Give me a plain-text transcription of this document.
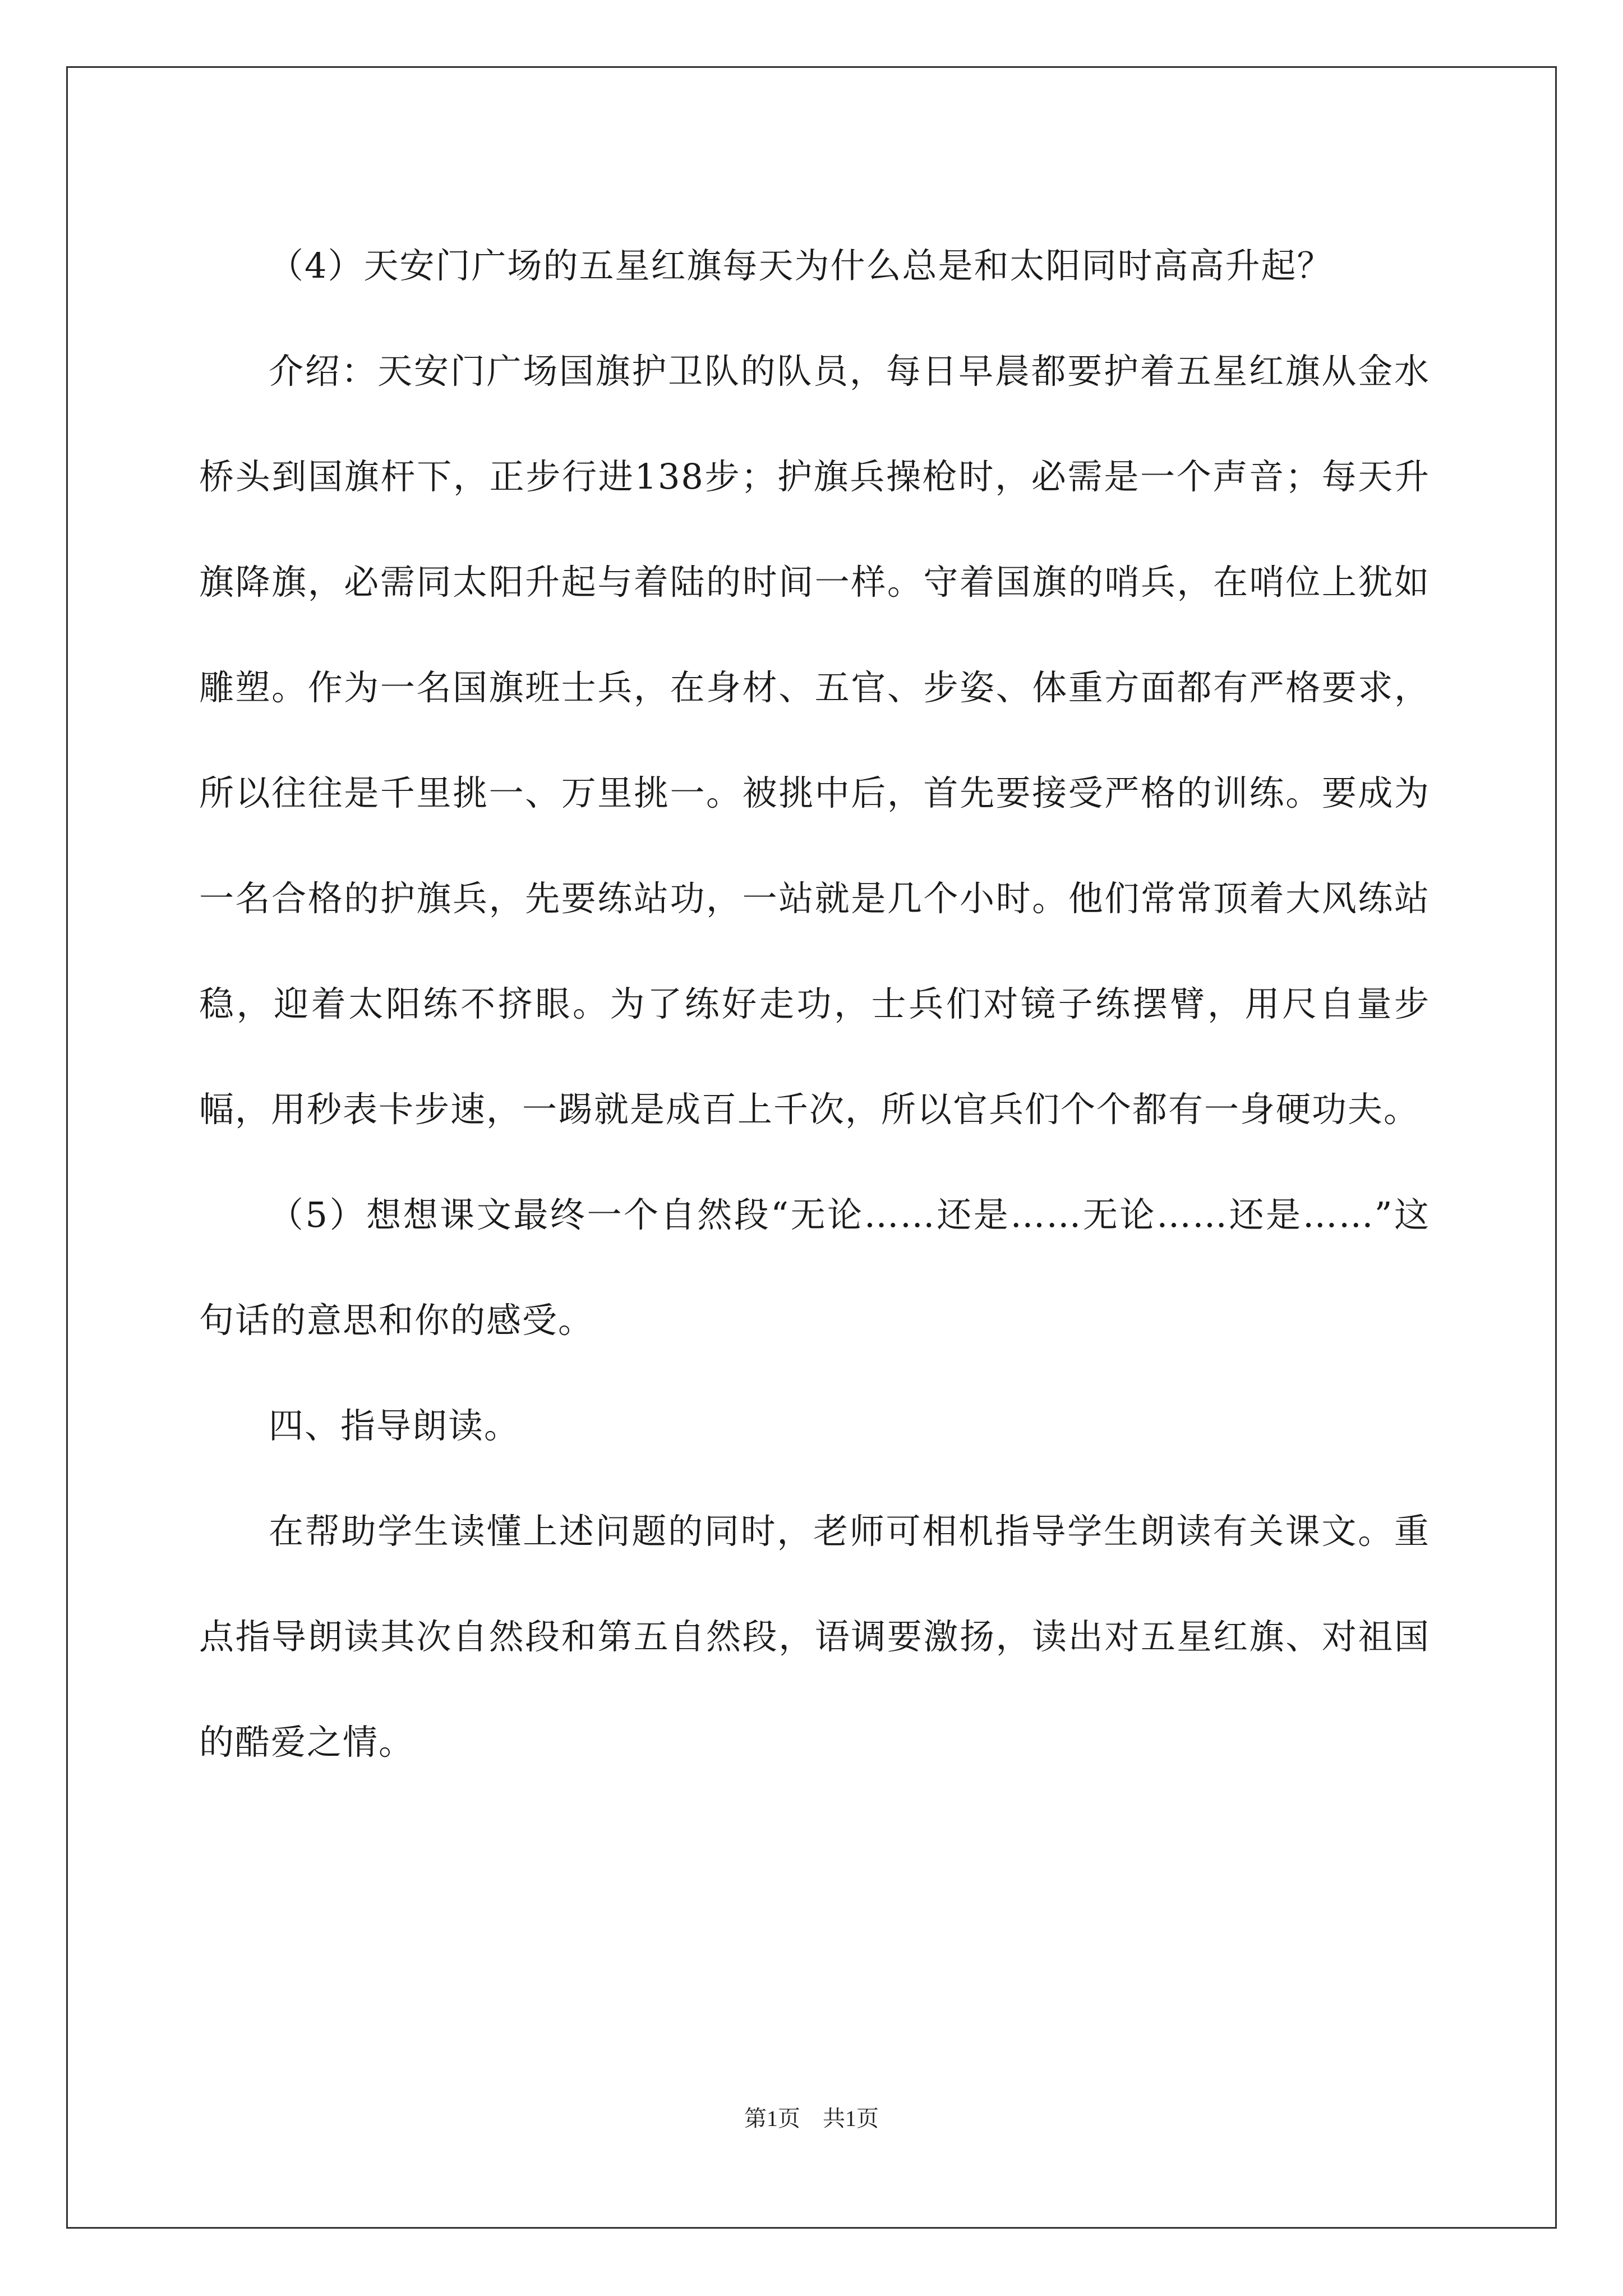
（4）天安门广场的五星红旗每天为什么总是和太阳同时高高升起？

介绍：天安门广场国旗护卫队的队员，每日早晨都要护着五星红旗从金水桥头到国旗杆下，正步行进138步；护旗兵操枪时，必需是一个声音；每天升旗降旗，必需同太阳升起与着陆的时间一样。守着国旗的哨兵，在哨位上犹如雕塑。作为一名国旗班士兵，在身材、五官、步姿、体重方面都有严格要求，所以往往是千里挑一、万里挑一。被挑中后，首先要接受严格的训练。要成为一名合格的护旗兵，先要练站功，一站就是几个小时。他们常常顶着大风练站稳，迎着太阳练不挤眼。为了练好走功，士兵们对镜子练摆臂，用尺自量步幅，用秒表卡步速，一踢就是成百上千次，所以官兵们个个都有一身硬功夫。

（5）想想课文最终一个自然段“无论……还是……无论……还是……”这句话的意思和你的感受。

四、指导朗读。

在帮助学生读懂上述问题的同时，老师可相机指导学生朗读有关课文。重点指导朗读其次自然段和第五自然段，语调要激扬，读出对五星红旗、对祖国的酷爱之情。

第1页　共1页
